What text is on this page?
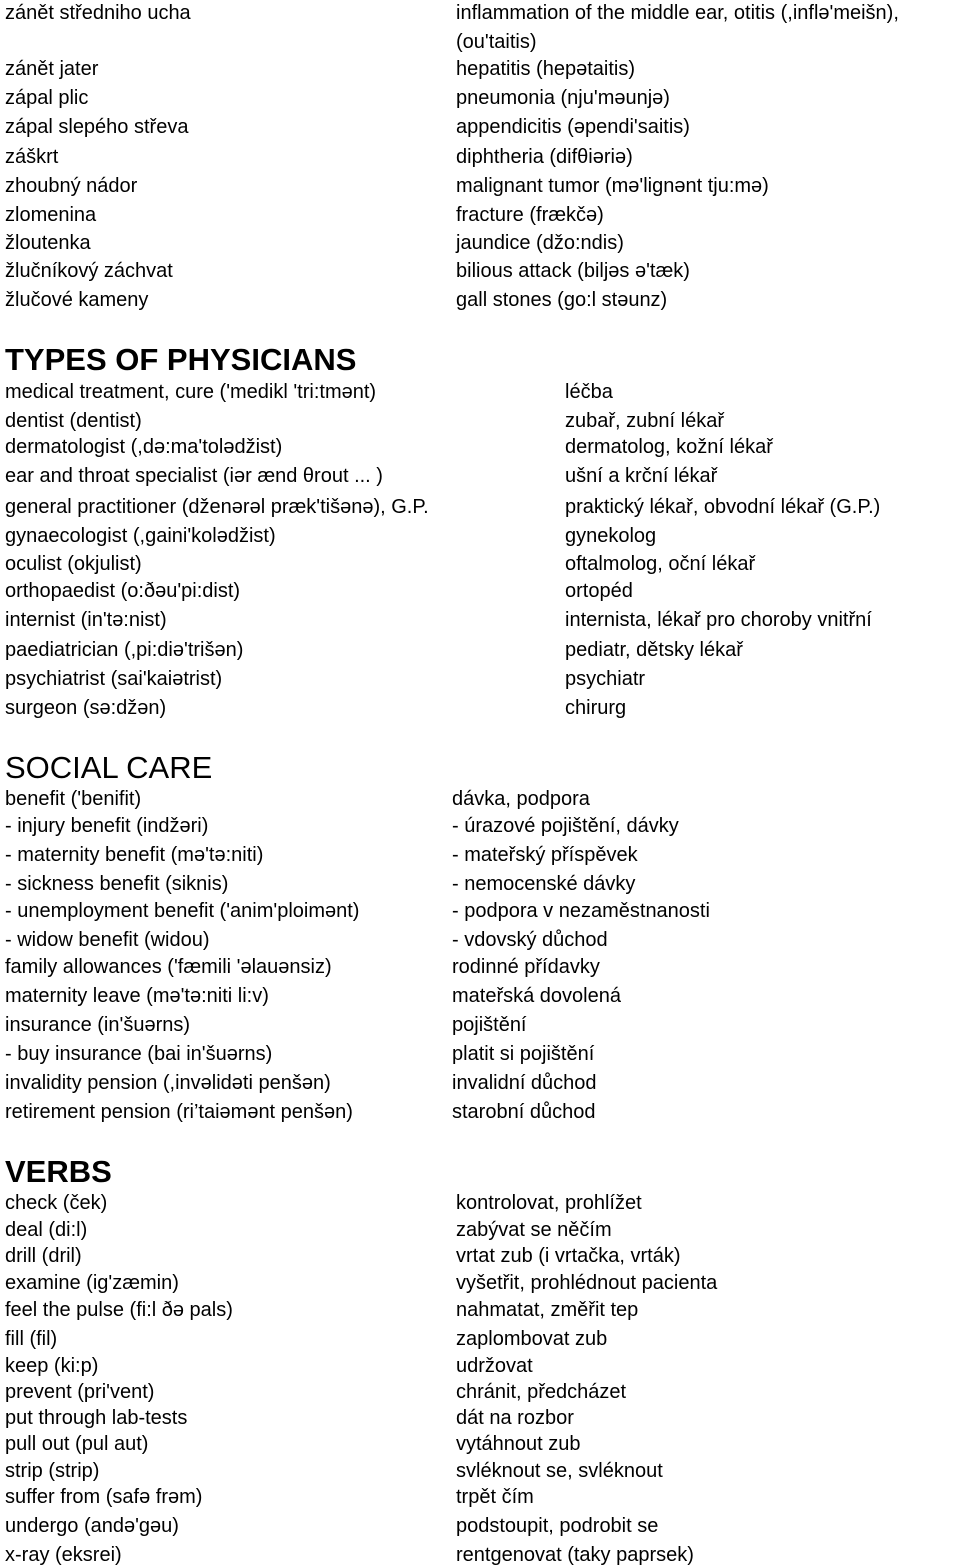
zánět středniho ucha	inflammation of the middle ear, otitis (,inflə'meišn),
(ou'taitis)
zánět jater	hepatitis (hepətaitis)
zápal plic	pneumonia (nju'məunjə)
zápal slepého střeva	appendicitis (əpendi'saitis)
záškrt	diphtheria (difθiəriə)
zhoubný nádor	malignant tumor (mə'lignənt tju:mə)
zlomenina	fracture (frækčə)
žloutenka	jaundice (džo:ndis)
žlučníkový záchvat	bilious attack (biljəs ə'tæk)
žlučové kameny	gall stones (go:l stəunz)
TYPES OF PHYSICIANS
medical treatment, cure ('medikl 'tri:tmənt)	léčba
dentist (dentist)	zubař, zubní lékař
dermatologist (,də:ma'tolədžist)	dermatolog, kožní lékař
ear and throat specialist (iər ænd θrout ... )	ušní a krční lékař
general practitioner (dženərəl præk'tišənə), G.P.	praktický lékař, obvodní lékař (G.P.)
gynaecologist (,gaini'kolədžist)	gynekolog
oculist (okjulist)	oftalmolog, oční lékař
orthopaedist (o:ðəu'pi:dist)	ortopéd
internist (in'tə:nist)	internista, lékař pro choroby vnitřní
paediatrician (,pi:diə'trišən)	pediatr, dětsky lékař
psychiatrist (sai'kaiətrist)	psychiatr
surgeon (sə:džən)	chirurg
SOCIAL CARE
benefit ('benifit)	dávka, podpora
- injury benefit (indžəri)	- úrazové pojištění, dávky
- maternity benefit (mə'tə:niti)	- mateřský příspěvek
- sickness benefit (siknis)	- nemocenské dávky
- unemployment benefit ('anim'ploimənt)	- podpora v nezaměstnanosti
- widow benefit (widou)	- vdovský důchod
family allowances ('fæmili 'əlauənsiz)	rodinné přídavky
maternity leave (mə'tə:niti li:v)	mateřská dovolená
insurance (in'šuərns)	pojištění
- buy insurance (bai in'šuərns)	platit si pojištění
invalidity pension (,invəlidəti penšən)	invalidní důchod
retirement pension (ri’taiəmənt penšən)	starobní důchod
VERBS
check (ček)	kontrolovat, prohlížet
deal (di:l)	zabývat se něčím
drill (dril)	vrtat zub (i vrtačka, vrták)
examine (ig'zæmin)	vyšetřit, prohlédnout pacienta
feel the pulse (fi:l ðə pals)	nahmatat, změřit tep
fill (fil)	zaplombovat zub
keep (ki:p)	udržovat
prevent (pri'vent)	chránit, předcházet
put through lab-tests	dát na rozbor
pull out (pul aut)	vytáhnout zub
strip (strip)	svléknout se, svléknout
suffer from (safə frəm)	trpět čím
undergo (andə'gəu)	podstoupit, podrobit se
x-ray (eksrei)	rentgenovat (taky paprsek)
